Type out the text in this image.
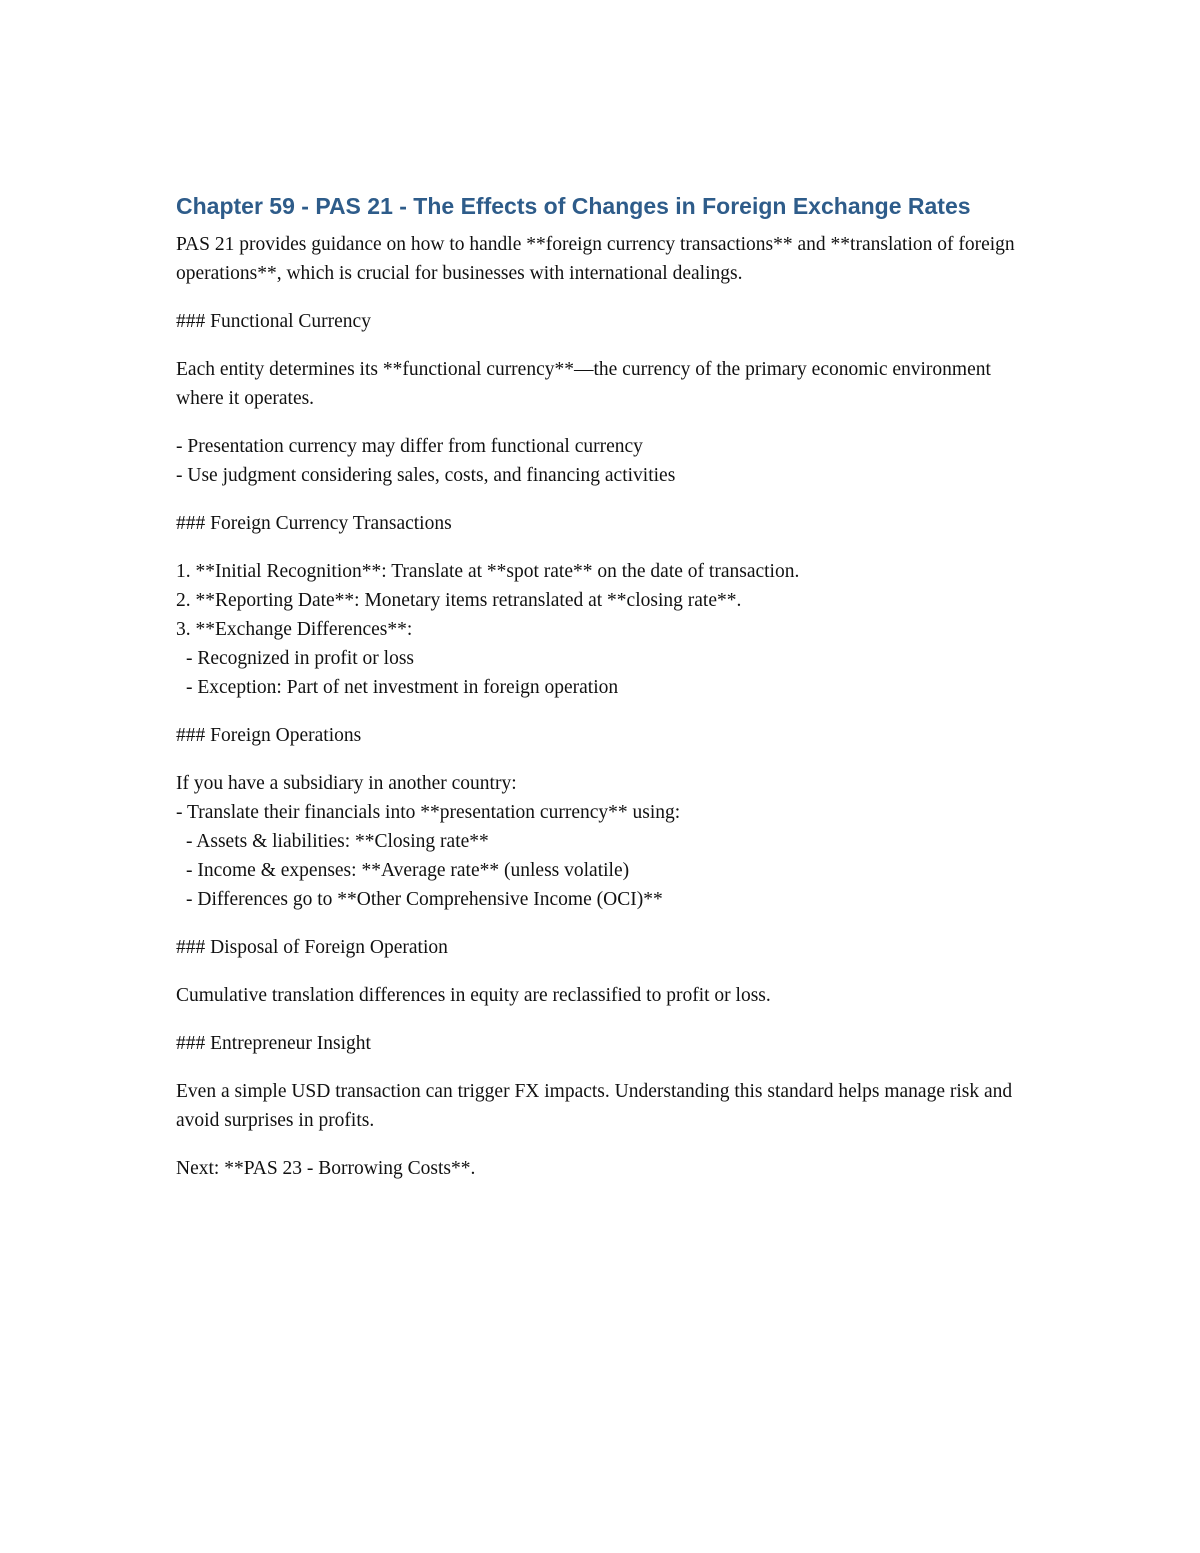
Chapter 59 - PAS 21 - The Effects of Changes in Foreign Exchange Rates
PAS 21 provides guidance on how to handle **foreign currency transactions** and **translation of foreign operations**, which is crucial for businesses with international dealings.
### Functional Currency
Each entity determines its **functional currency**—the currency of the primary economic environment where it operates.
- Presentation currency may differ from functional currency
- Use judgment considering sales, costs, and financing activities
### Foreign Currency Transactions
1. **Initial Recognition**: Translate at **spot rate** on the date of transaction.
2. **Reporting Date**: Monetary items retranslated at **closing rate**.
3. **Exchange Differences**:
- Recognized in profit or loss
- Exception: Part of net investment in foreign operation
### Foreign Operations
If you have a subsidiary in another country:
- Translate their financials into **presentation currency** using:
- Assets & liabilities: **Closing rate**
- Income & expenses: **Average rate** (unless volatile)
- Differences go to **Other Comprehensive Income (OCI)**
### Disposal of Foreign Operation
Cumulative translation differences in equity are reclassified to profit or loss.
### Entrepreneur Insight
Even a simple USD transaction can trigger FX impacts. Understanding this standard helps manage risk and avoid surprises in profits.
Next: **PAS 23 - Borrowing Costs**.
